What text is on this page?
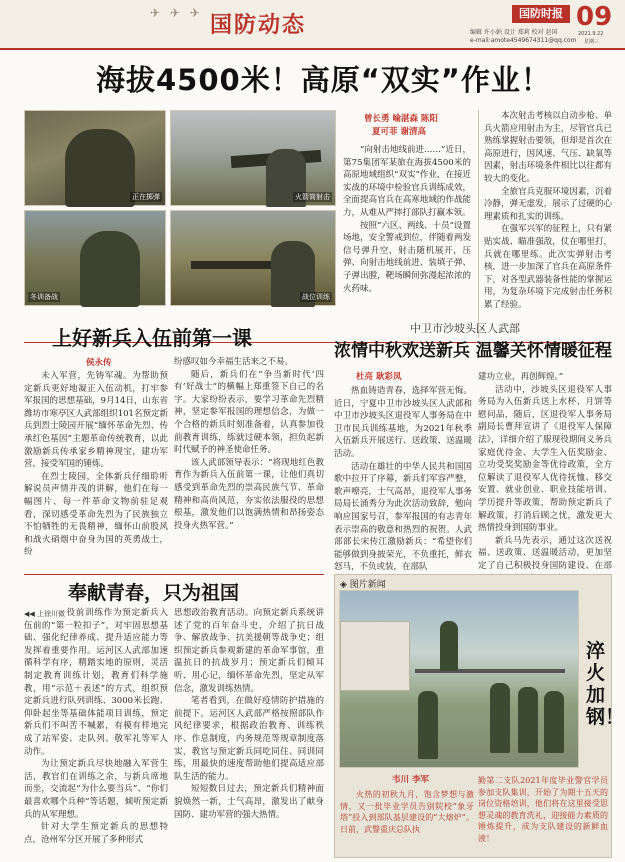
✈ ✈ ✈ 国防动态	国防时报 09
编辑 许小娟 设计 郑莉 校对 赵国
e-mail:amote4549674311@qq.com
2021.9.22
星期三
海拔4500米！高原“双实”作业！
正在掷弹	火箭筒射击
冬训备战	战位训练
曾长勇 喻湛森 陈阳
夏可菲 谢清高

“向射击地线前进……”近日，第75集团军某旅在海拔4500米的高原地域组织“双实”作业，在接近实战的环境中检验官兵训练成效，全面提高官兵在高寒地域的作战能力，从难从严摔打部队打赢本领。

按照“六区、两线、十员”设置场地，安全警戒到位，伴随着两发信号弹升空，射击随机展开，压弹、向射击地线前进、装填子弹、子弹出膛，靶场瞬间弥漫起浓浓的火药味。

本次射击考核以自动步枪、单兵火箭应用射击为主，尽管官兵已熟练掌握射击要领，但却是首次在高原进行，因风速、气压、缺氧等因素，射击环境条件相比以往都有较大的变化。

全旅官兵克服环境因素，沉着冷静，弹无虚发，展示了过硬的心理素质和扎实的训练。

在强军兴军的征程上，只有紧贴实战、瞄准强敌，仗在哪里打，兵就在哪里练。此次实弹射击考核，进一步加深了官兵在高原条件下，对各型武器装备性能的掌握运用，为复杂环境下完成射击任务积累了经验。

上好新兵入伍前第一课
侯永传

未入军营，先铸军魂。为帮助预定新兵更好地凝正入伍动机，打牢参军报国的思想基础，9月14日，山东省潍坊市寒亭区人武部组织101名预定新兵到烈士陵园开展“缅怀革命先烈、传承红色基因”主题革命传统教育，以此激励新兵传承家乡精神现宝，建功军营，接受军国的锤炼。

在烈士陵园，全体新兵仔细聆听解说员声情并茂的讲解，他们在每一幅图片、每一件革命文物前驻足观看，深切感受革命先烈为了民族独立不怕牺牲的无畏精神，缅怀山前股风和战火硝烟中奋身为国的英勇战士，纷

纷感叹如今幸福生活来之不易。

随后，新兵们在“争当新时代‘四有’好战士”的横幅上郑重签下自己的名字。大家纷纷表示，要学习革命先烈精神，坚定参军报国的理想信念，为做一个合格的新兵时刻准备着，认真参加役前教育训练，练就过硬本领，担负起新时代赋予的神圣使命任务。

该人武部领导表示：“将现地红色教育作为新兵入伍前第一课，让他们真切感受到革命先烈的崇高民族气节、革命精神和高尚风范，夯实依法服役的思想根基，激发他们以饱满热情和昂扬姿态投身火热军营。”

中卫市沙坡头区人武部
浓情中秋欢送新兵 温馨关怀情暖征程
杜亮 耿彩凤

热血铸造青春，选择军营无悔。近日，宁夏中卫市沙坡头区人武部和中卫市沙坡头区退役军人事务局在中卫市民兵训练基地，为2021年秋季入伍新兵开展送行、送政策、送温暖活动。

活动在雄壮的中华人民共和国国歌中拉开了序幕，新兵们军容严整，歌声嘹亮，士气高昂，退役军人事务局局长涌秀分为此次活动致辞，勉向响应国家号召，参军报国的有志青年表示崇高的敬意和热烈的祝贺。人武部部长宋传江激励新兵：“希望你们能够做到身披荣光，不负重托，鲜衣怒马，不负或装，在部队

建功立业，再创辉煌。”

活动中，沙坡头区退役军人事务局为入伍新兵送上水杯、月饼等慰问品，随后，区退役军人事务局副局长曹拜宣讲了《退役军人保障法》，详细介绍了服现役期间义务兵家庭优待金、大学生入伍奖励金、立功受奖奖励金等优待政策，全方位解读了退役军人优待抚恤、移交安置、就业创业、职业技能培训、学历提升等政策，帮助预定新兵了解政策，打消后顾之忧，激发更大热情投身到国防事业。

新兵马先表示，通过这次送祝福、送政策、送温暖活动，更加坚定了自己积极投身国防建设、在部

奉献青春，只为祖国
◀◀ 上徐川微 役前训练作为预定新兵入伍前的“第一粒扣子”，对牢固思想基础、强化纪律养成、提升适应能力等发挥着重要作用。运河区人武部加速循科学有序，精踏实地的原则，灵活制定教育训练计划，教育们科学施教，用“示范＋表述”的方式，组织预定新兵进行队列训练、3000米长跑、仰卧起坐等基础体能项目训练，预定新兵们不叫苦不喊累，有模有样地完成了站军姿、走队列、敬军礼等军人动作。

为让预定新兵尽快地融入军营生活，教官们在训练之余，与新兵席地而坐，交流起“为什么要当兵”、“你们最喜欢哪个兵种”等话题，倾听预定新兵的从军理想。

针对大学生预定新兵的思想特点，沧州军分区开展了多种形式

思想政治教育活动。向预定新兵系统讲述了党的百年奋斗史，介绍了抗日战争、解放战争、抗美援朝等战争史；组织预定新兵参观新建的革命军事馆，重温抗日的抗战岁月；预定新兵们倾耳听、用心记，缅怀革命先烈，坚定从军信念，激发训练热情。

笔者看到，在做好疫情防护措施的前提下，运河区人武部严格按照部队作风纪律要求，根据政治教育、训练秩序、作息制度，内务规范等规章制度落实，教官与预定新兵同吃同住、同训同练，用最快的速度帮助他们提高适应部队生活的能力。

短短数日过去，预定新兵们精神面貌焕然一新，士气高昂，激发出了献身国防、建功军营的强大热情。

◈ 图片新闻
淬火加钢！
韦川 李军

火热的初秋九月，饱含梦想与激情，又一批毕业学员告别院校“象牙塔”投入到部队基层建设的“大熔炉”。日前，武警重庆总队执

勤第二支队2021年度毕业警官学员参加支队集训，开始了为期十五天的岗位资格培训，他们将在这里接受思想灵魂的教育洗礼，迎接能力素质的锤炼提升，成为支队建设的新鲜血液！
